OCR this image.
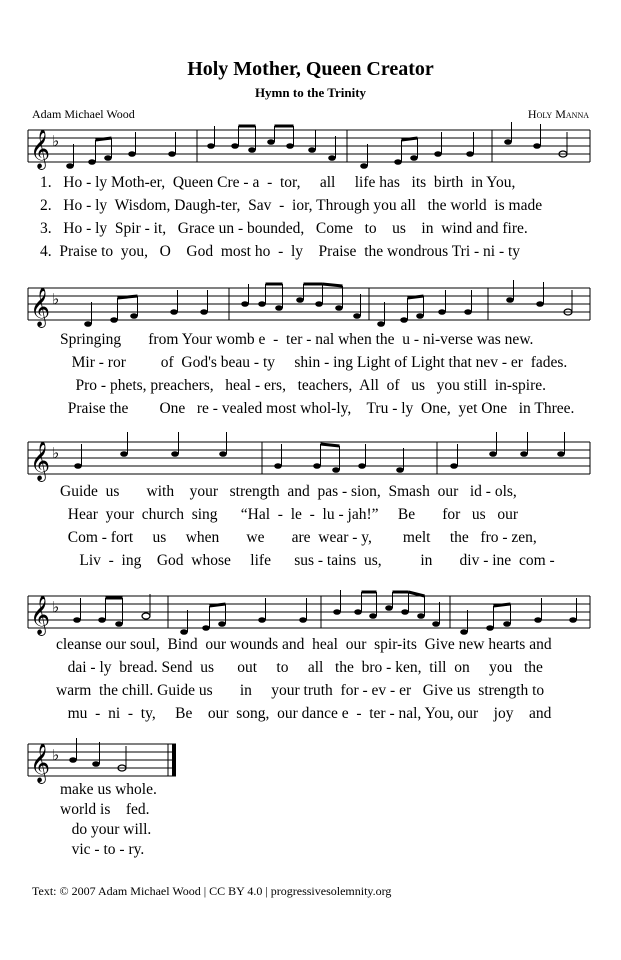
Holy Mother, Queen Creator
Hymn to the Trinity
Adam Michael Wood	Holy Manna
𝄞 ♭
1.   Ho - ly Moth-er,  Queen Cre - a  -  tor,     all     life has   its  birth  in You,
2.   Ho - ly  Wisdom, Daugh-ter,  Sav  -  ior, Through you all   the world  is made
3.   Ho - ly  Spir - it,   Grace un - bounded,   Come   to    us    in  wind and fire.
4.  Praise to  you,   O    God  most ho  -  ly    Praise  the wondrous Tri - ni - ty
𝄞 ♭
Springing       from Your womb e  -  ter - nal when the  u - ni-verse was new.
Mir - ror         of  God's beau - ty     shin - ing Light of Light that nev - er  fades.
Pro - phets, preachers,   heal - ers,   teachers,  All  of   us   you still  in-spire.
Praise the        One   re - vealed most whol-ly,    Tru - ly  One,  yet One   in Three.
𝄞 ♭
Guide  us       with    your   strength  and  pas - sion,  Smash  our   id - ols,
Hear  your  church  sing      “Hal  -  le  -  lu - jah!”     Be       for   us   our
Com - fort     us     when       we       are  wear - y,        melt     the   fro - zen,
Liv  -  ing    God  whose     life      sus - tains  us,          in       div - ine  com -
𝄞 ♭
cleanse our soul,  Bind  our wounds and  heal  our  spir-its  Give new hearts and
dai - ly  bread. Send  us      out     to     all   the  bro - ken,  till  on     you   the
warm  the chill. Guide us       in     your truth  for - ev - er   Give us  strength to
mu  -  ni  -  ty,     Be    our  song,  our dance e  -  ter - nal, You, our    joy    and
𝄞 ♭
make us whole.
world is    fed.
do your will.
vic - to - ry.
Text: © 2007 Adam Michael Wood | CC BY 4.0 | progressivesolemnity.org
